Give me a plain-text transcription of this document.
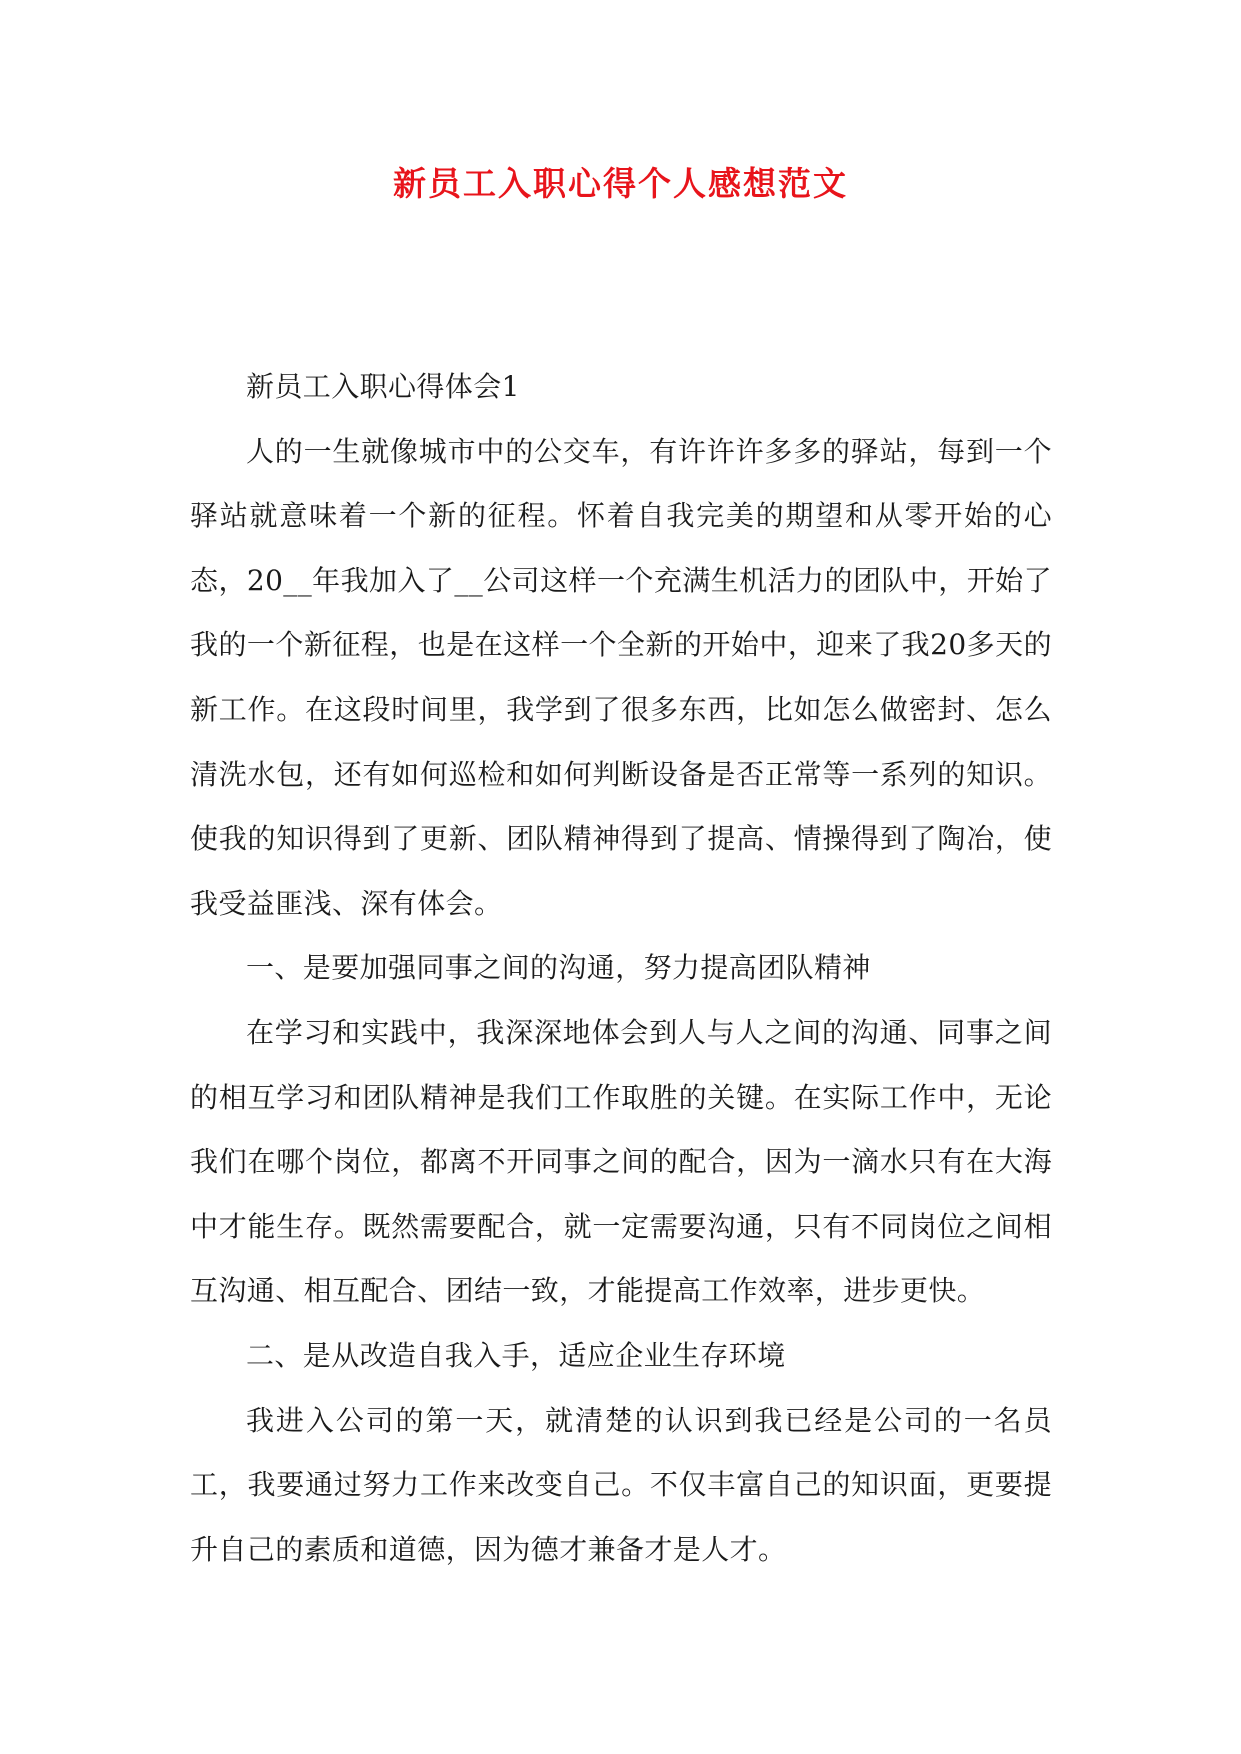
新员工入职心得个人感想范文

新员工入职心得体会1

人的一生就像城市中的公交车，有许许许多多的驿站，每到一个驿站就意味着一个新的征程。怀着自我完美的期望和从零开始的心态，20__年我加入了__公司这样一个充满生机活力的团队中，开始了我的一个新征程，也是在这样一个全新的开始中，迎来了我20多天的新工作。在这段时间里，我学到了很多东西，比如怎么做密封、怎么清洗水包，还有如何巡检和如何判断设备是否正常等一系列的知识。使我的知识得到了更新、团队精神得到了提高、情操得到了陶冶，使我受益匪浅、深有体会。

一、是要加强同事之间的沟通，努力提高团队精神

在学习和实践中，我深深地体会到人与人之间的沟通、同事之间的相互学习和团队精神是我们工作取胜的关键。在实际工作中，无论我们在哪个岗位，都离不开同事之间的配合，因为一滴水只有在大海中才能生存。既然需要配合，就一定需要沟通，只有不同岗位之间相互沟通、相互配合、团结一致，才能提高工作效率，进步更快。

二、是从改造自我入手，适应企业生存环境

我进入公司的第一天，就清楚的认识到我已经是公司的一名员工，我要通过努力工作来改变自己。不仅丰富自己的知识面，更要提升自己的素质和道德，因为德才兼备才是人才。
